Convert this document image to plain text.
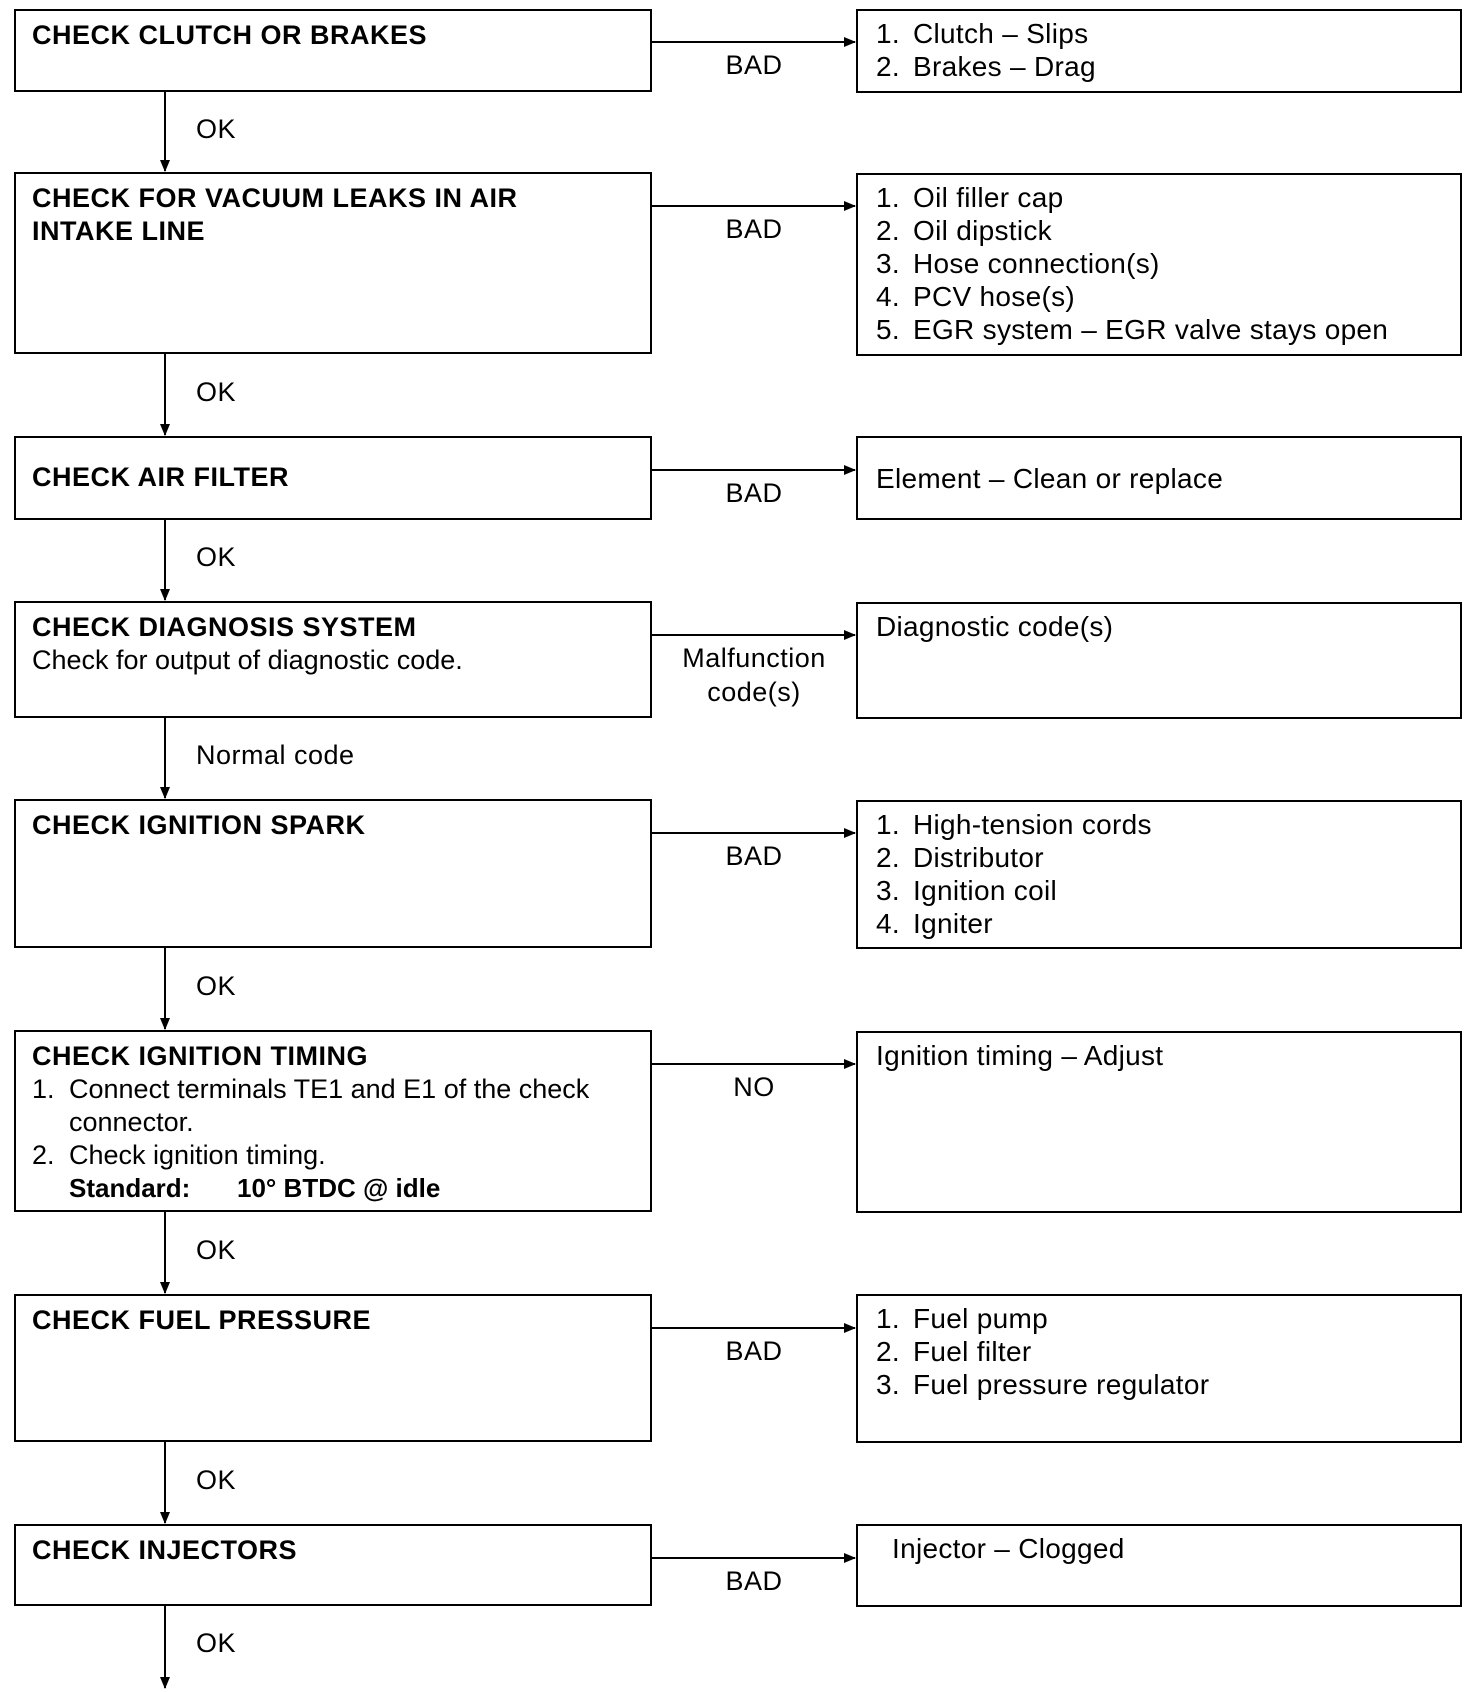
CHECK CLUTCH OR BRAKES
BAD
1. Clutch – Slips
2. Brakes – Drag
OK
CHECK FOR VACUUM LEAKS IN AIR
INTAKE LINE	BAD
1. Oil filler cap
2. Oil dipstick
3. Hose connection(s)
4. PCV hose(s)
5. EGR system – EGR valve stays open
OK
CHECK AIR FILTER
BAD	Element – Clean or replace
OK
CHECK DIAGNOSIS SYSTEM
Check for output of diagnostic code.	Malfunction
code(s)
Diagnostic code(s)
Normal code
CHECK IGNITION SPARK
BAD
1. High-tension cords
2. Distributor
3. Ignition coil
4. Igniter
OK
CHECK IGNITION TIMING
1. Connect terminals TE1 and E1 of the check connector.
2. Check ignition timing.
Standard: 10° BTDC @ idle
NO
Ignition timing – Adjust
OK
CHECK FUEL PRESSURE
BAD
1. Fuel pump
2. Fuel filter
3. Fuel pressure regulator
OK
CHECK INJECTORS
BAD
Injector – Clogged
OK
